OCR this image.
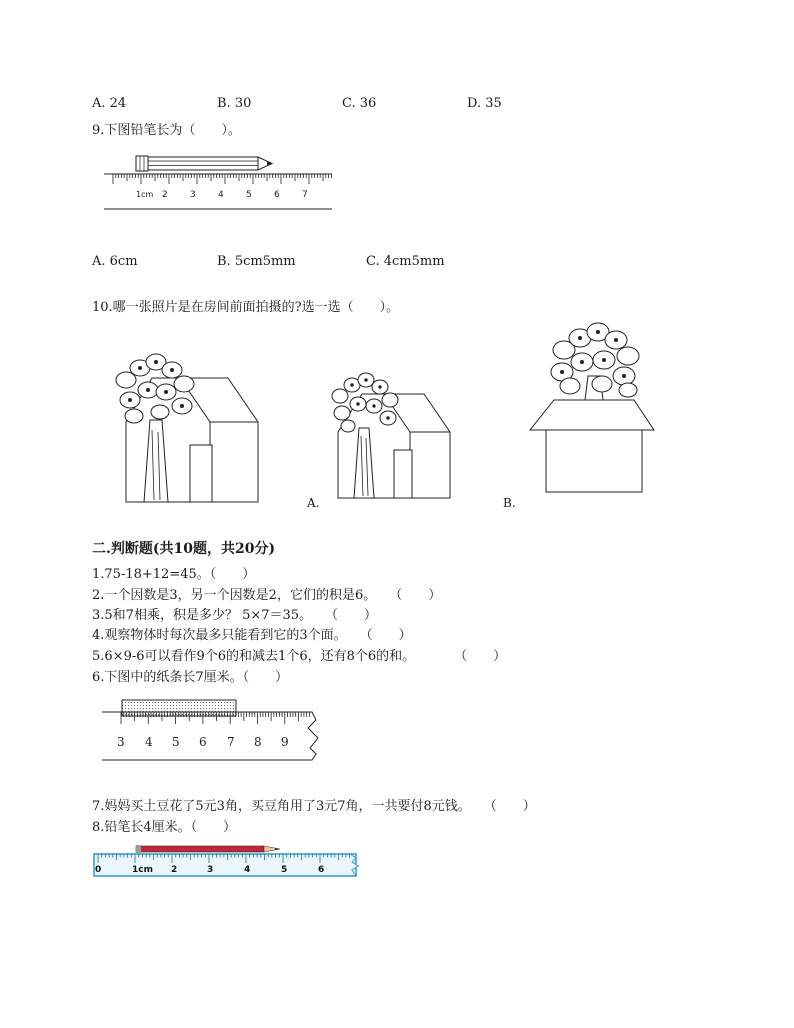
A. 24	B. 30	C. 36	D. 35
9.下图铅笔长为（　　）。
1cm 2 3 4 5 6 7
A. 6cm	B. 5cm5mm	C. 4cm5mm
10.哪一张照片是在房间前面拍摄的?选一选（　　）。
A.	B.
二.判断题(共10题，共20分)
1.75-18+12=45。（　　）
2.一个因数是3，另一个因数是2，它们的积是6。　　（　　）
3.5和7相乘，积是多少？ 5×7＝35。　　（　　）
4.观察物体时每次最多只能看到它的3个面。　　（　　）
5.6×9-6可以看作9个6的和减去1个6，还有8个6的和。　　　　（　　）
6.下图中的纸条长7厘米。（　　）
3 4 5 6 7 8 9
7.妈妈买土豆花了5元3角，买豆角用了3元7角，一共要付8元钱。　　（　　）
8.铅笔长4厘米。（　　）
0	1cm 2	3	4	5	6
